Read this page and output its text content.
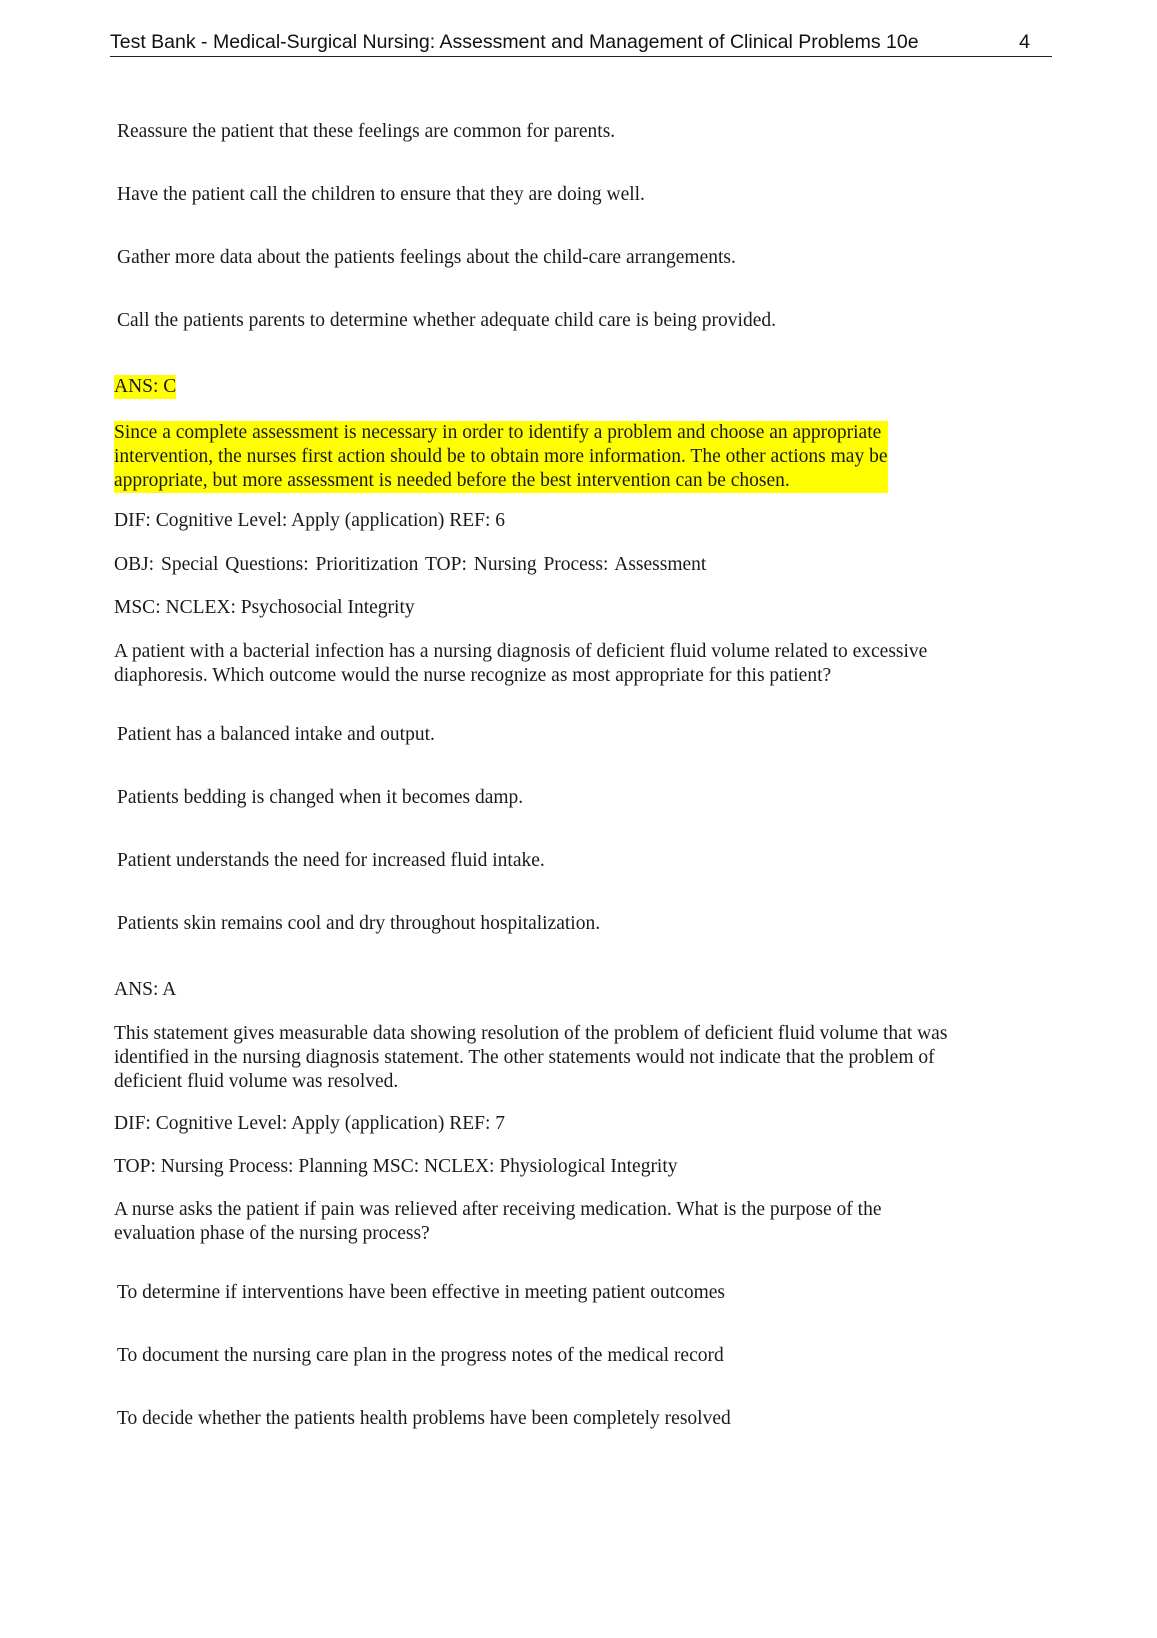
Test Bank - Medical-Surgical Nursing: Assessment and Management of Clinical Problems 10e	4
Reassure the patient that these feelings are common for parents.
Have the patient call the children to ensure that they are doing well.
Gather more data about the patients feelings about the child-care arrangements.
Call the patients parents to determine whether adequate child care is being provided.
ANS: C
Since a complete assessment is necessary in order to identify a problem and choose an appropriate
intervention, the nurses first action should be to obtain more information. The other actions may be
appropriate, but more assessment is needed before the best intervention can be chosen.
DIF: Cognitive Level: Apply (application) REF: 6
OBJ: Special Questions: Prioritization TOP: Nursing Process: Assessment
MSC: NCLEX: Psychosocial Integrity
A patient with a bacterial infection has a nursing diagnosis of deficient fluid volume related to excessive
diaphoresis. Which outcome would the nurse recognize as most appropriate for this patient?
Patient has a balanced intake and output.
Patients bedding is changed when it becomes damp.
Patient understands the need for increased fluid intake.
Patients skin remains cool and dry throughout hospitalization.
ANS: A
This statement gives measurable data showing resolution of the problem of deficient fluid volume that was
identified in the nursing diagnosis statement. The other statements would not indicate that the problem of
deficient fluid volume was resolved.
DIF: Cognitive Level: Apply (application) REF: 7
TOP: Nursing Process: Planning MSC: NCLEX: Physiological Integrity
A nurse asks the patient if pain was relieved after receiving medication. What is the purpose of the
evaluation phase of the nursing process?
To determine if interventions have been effective in meeting patient outcomes
To document the nursing care plan in the progress notes of the medical record
To decide whether the patients health problems have been completely resolved
